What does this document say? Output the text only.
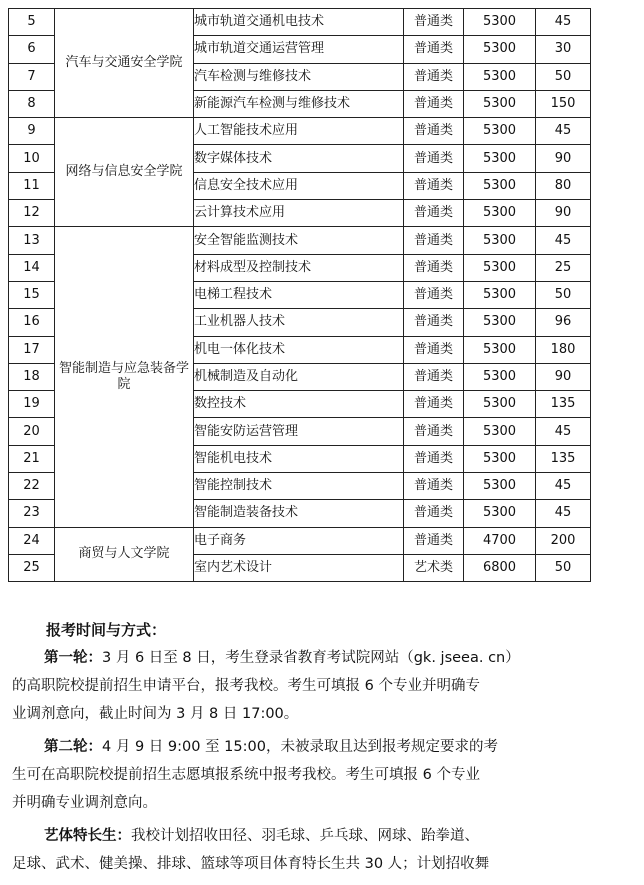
5	汽车与交通安全学院	城市轨道交通机电技术	普通类	5300	45
6		城市轨道交通运营管理	普通类	5300	30
7		汽车检测与维修技术	普通类	5300	50
8		新能源汽车检测与维修技术	普通类	5300	150
9	网络与信息安全学院	人工智能技术应用	普通类	5300	45
10		数字媒体技术	普通类	5300	90
11		信息安全技术应用	普通类	5300	80
12		云计算技术应用	普通类	5300	90
13	智能制造与应急装备学院	安全智能监测技术	普通类	5300	45
14		材料成型及控制技术	普通类	5300	25
15		电梯工程技术	普通类	5300	50
16		工业机器人技术	普通类	5300	96
17		机电一体化技术	普通类	5300	180
18		机械制造及自动化	普通类	5300	90
19		数控技术	普通类	5300	135
20		智能安防运营管理	普通类	5300	45
21		智能机电技术	普通类	5300	135
22		智能控制技术	普通类	5300	45
23		智能制造装备技术	普通类	5300	45
24	商贸与人文学院	电子商务	普通类	4700	200
25		室内艺术设计	艺术类	6800	50
报考时间与方式：

第一轮：3 月 6 日至 8 日，考生登录省教育考试院网站（gk. jseea. cn）
的高职院校提前招生申请平台，报考我校。考生可填报 6 个专业并明确专
业调剂意向，截止时间为 3 月 8 日 17:00。

第二轮：4 月 9 日 9:00 至 15:00，未被录取且达到报考规定要求的考
生可在高职院校提前招生志愿填报系统中报考我校。考生可填报 6 个专业
并明确专业调剂意向。

艺体特长生：我校计划招收田径、羽毛球、乒乓球、网球、跆拳道、
足球、武术、健美操、排球、篮球等项目体育特长生共 30 人；计划招收舞
